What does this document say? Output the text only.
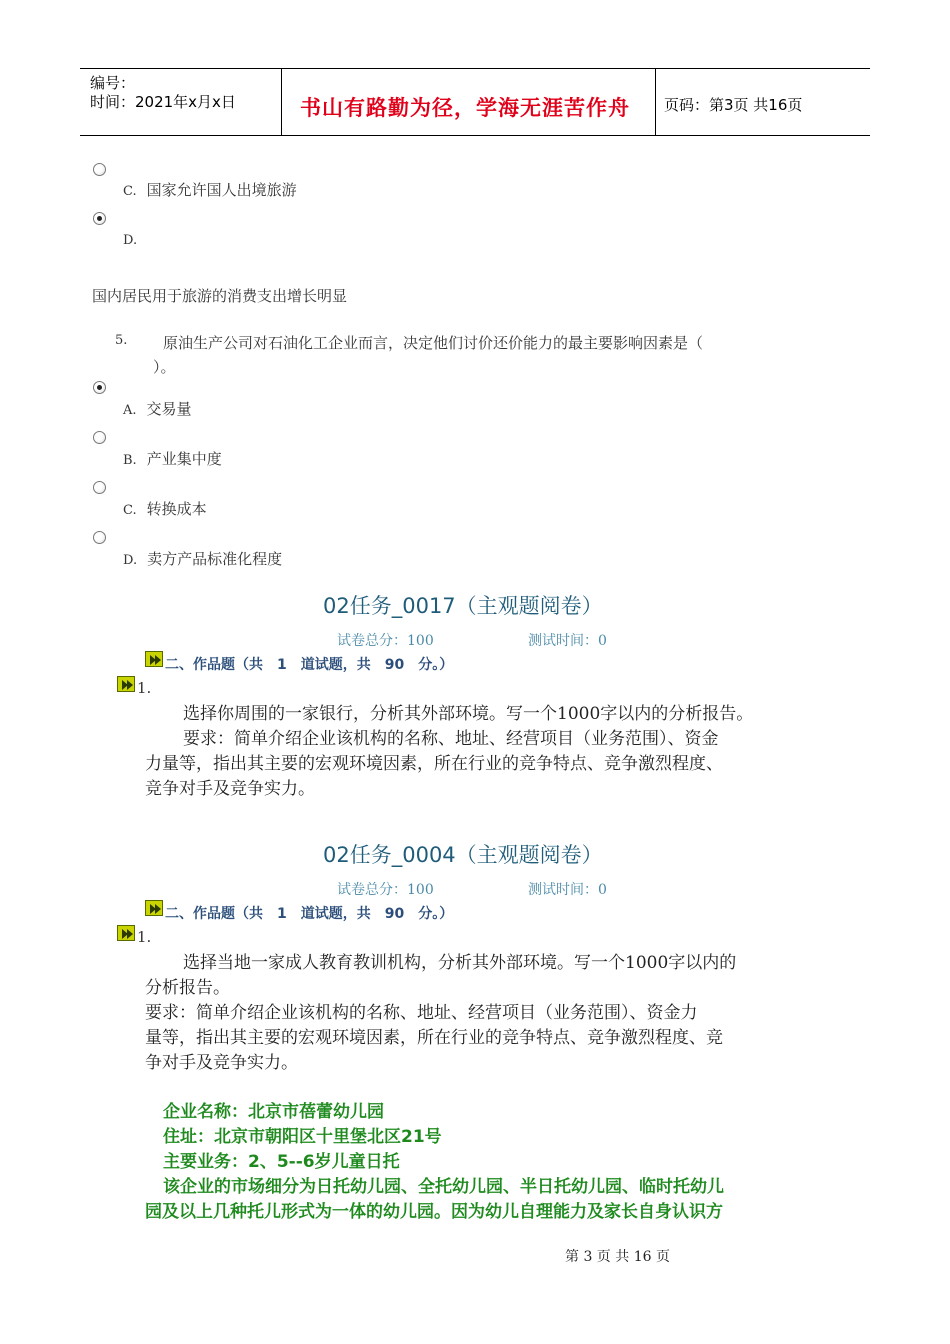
编号：
时间：2021年x月x日	书山有路勤为径，学海无涯苦作舟 页码：第3页 共16页
C. 国家允许国人出境旅游
D.
国内居民用于旅游的消费支出增长明显
5. 原油生产公司对石油化工企业而言，决定他们讨价还价能力的最主要影响因素是（
）。
A. 交易量
B. 产业集中度
C. 转换成本
D. 卖方产品标准化程度
02任务_0017（主观题阅卷）
试卷总分：100	测试时间：0
二、作品题（共　1　道试题，共　90　分。）
1.
选择你周围的一家银行，分析其外部环境。写一个1000字以内的分析报告。
要求：简单介绍企业该机构的名称、地址、经营项目（业务范围）、资金
力量等，指出其主要的宏观环境因素，所在行业的竞争特点、竞争激烈程度、
竞争对手及竞争实力。
02任务_0004（主观题阅卷）
试卷总分：100	测试时间：0
二、作品题（共　1　道试题，共　90　分。）
1.
选择当地一家成人教育教训机构，分析其外部环境。写一个1000字以内的
分析报告。
要求：简单介绍企业该机构的名称、地址、经营项目（业务范围）、资金力
量等，指出其主要的宏观环境因素，所在行业的竞争特点、竞争激烈程度、竞
争对手及竞争实力。
企业名称：北京市蓓蕾幼儿园
住址：北京市朝阳区十里堡北区21号
主要业务：2、5--6岁儿童日托
该企业的市场细分为日托幼儿园、全托幼儿园、半日托幼儿园、临时托幼儿
园及以上几种托儿形式为一体的幼儿园。因为幼儿自理能力及家长自身认识方
第 3 页 共 16 页
